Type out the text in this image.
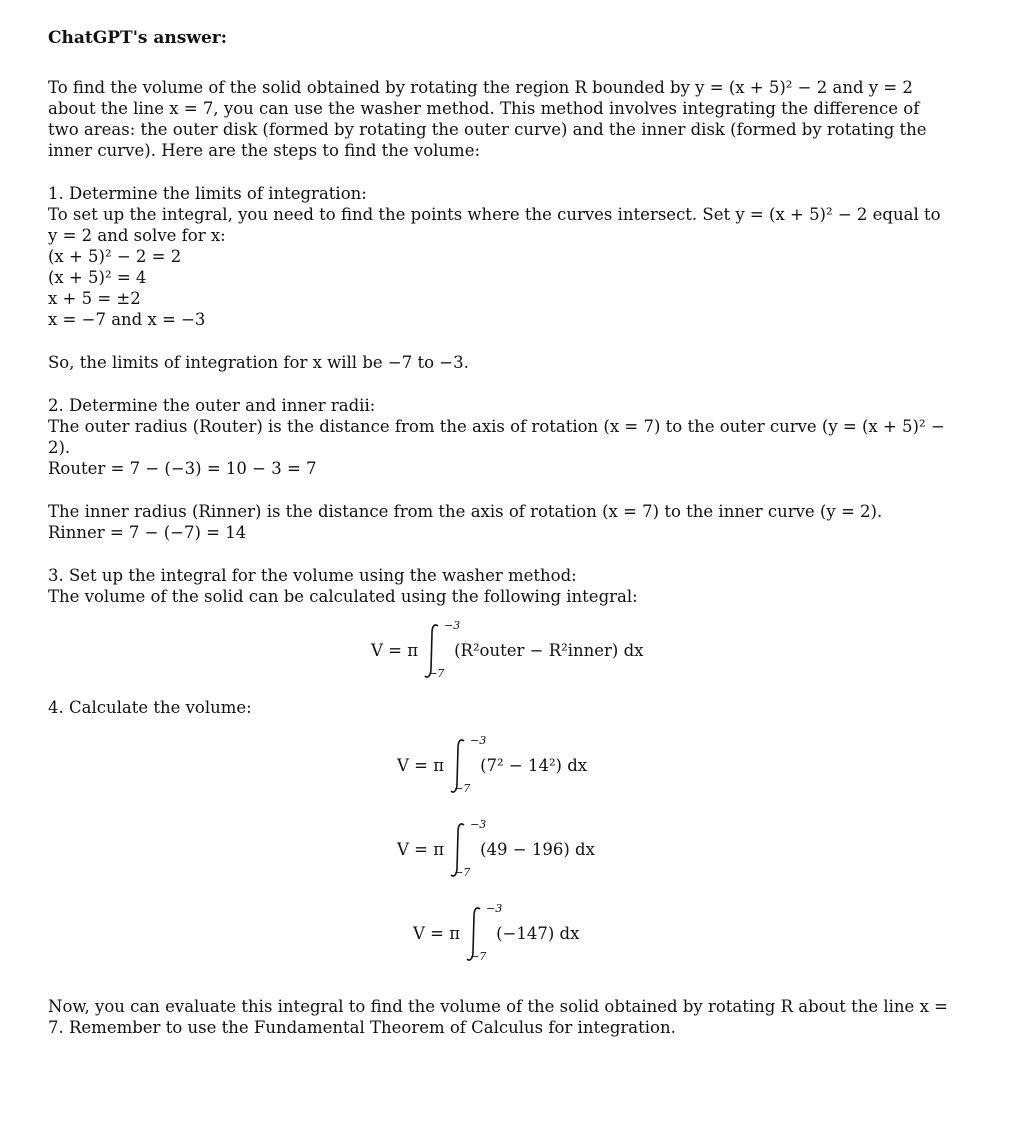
ChatGPT's answer:

To find the volume of the solid obtained by rotating the region R bounded by y = (x + 5)² − 2 and y = 2 about the line x = 7, you can use the washer method. This method involves integrating the difference of two areas: the outer disk (formed by rotating the outer curve) and the inner disk (formed by rotating the inner curve). Here are the steps to find the volume:

1. Determine the limits of integration:
To set up the integral, you need to find the points where the curves intersect. Set y = (x + 5)² − 2 equal to y = 2 and solve for x:
(x + 5)² − 2 = 2
(x + 5)² = 4
x + 5 = ±2
x = −7 and x = −3

So, the limits of integration for x will be −7 to −3.

2. Determine the outer and inner radii:
The outer radius (Router) is the distance from the axis of rotation (x = 7) to the outer curve (y = (x + 5)² − 2).
Router = 7 − (−3) = 10 − 3 = 7
The inner radius (Rinner) is the distance from the axis of rotation (x = 7) to the inner curve (y = 2).
Rinner = 7 − (−7) = 14
3. Set up the integral for the volume using the washer method:
The volume of the solid can be calculated using the following integral:
V = π
−3
−7
(R²outer − R²inner) dx

4. Calculate the volume:

V = π
−3
−7
(7² − 14²) dx
V = π
−3
−7
(49 − 196) dx
V = π
−3
−7
(−147) dx

Now, you can evaluate this integral to find the volume of the solid obtained by rotating R about the line x = 7. Remember to use the Fundamental Theorem of Calculus for integration.
